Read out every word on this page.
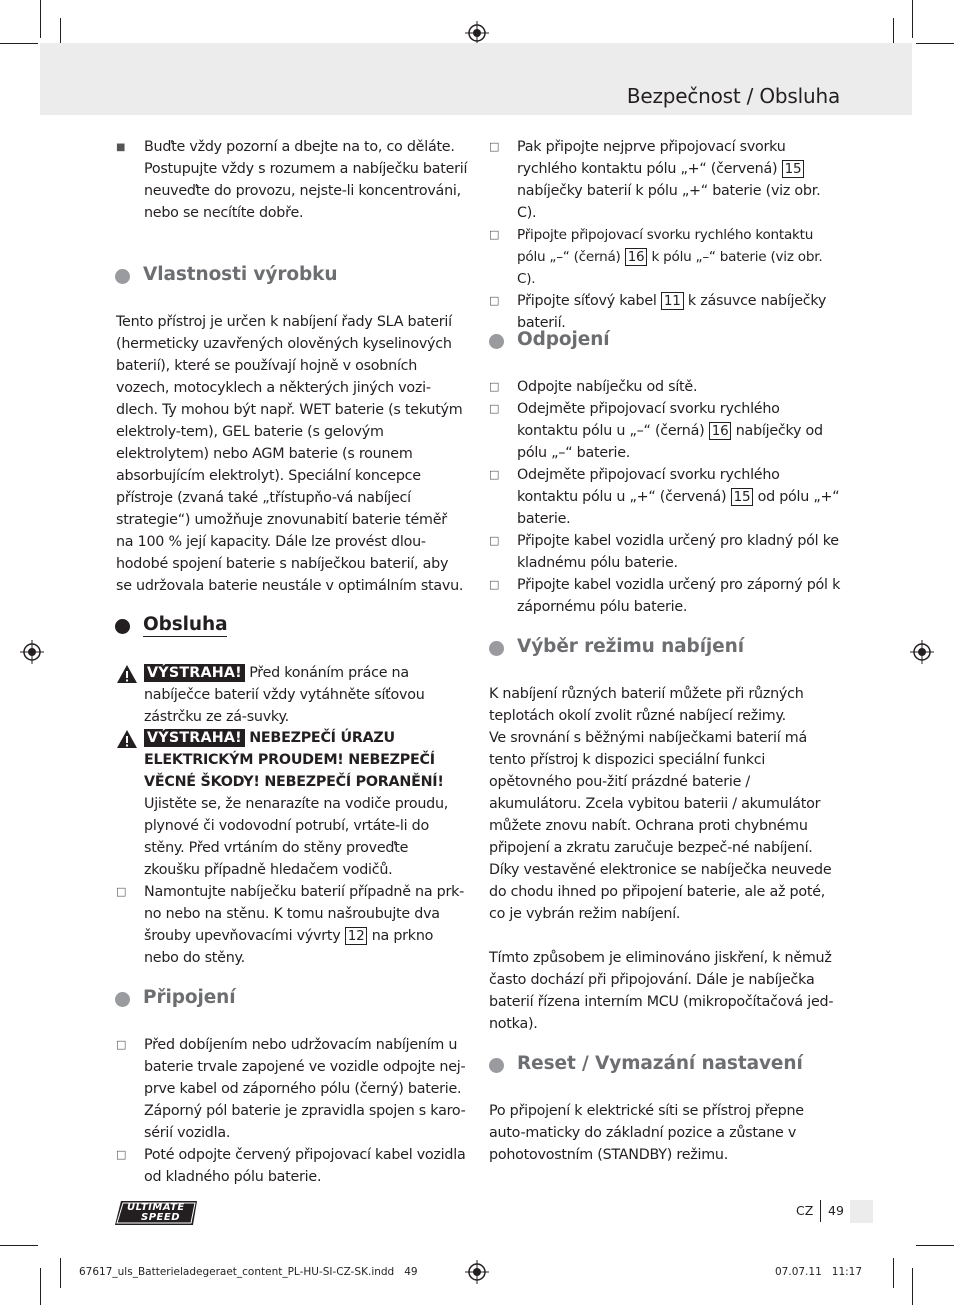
Bezpečnost / Obsluha
■	Buďte vždy pozorní a dbejte na to, co děláte. Postupujte vždy s rozumem a nabíječku baterií neuveďte do provozu, nejste-li koncentrováni, nebo se necítíte dobře.

Vlastnosti výrobku

Tento přístroj je určen k nabíjení řady SLA baterií (hermeticky uzavřených olověných kyselinových baterií), které se používají hojně v osobních vozech, motocyklech a některých jiných vozi-dlech. Ty mohou být např. WET baterie (s tekutým elektroly-tem), GEL baterie (s gelovým elektrolytem) nebo AGM baterie (s rounem absorbujícím elektrolyt). Speciální koncepce přístroje (zvaná také „třístupňo-vá nabíjecí strategie“) umožňuje znovunabití baterie téměř na 100 % její kapacity. Dále lze provést dlou-hodobé spojení baterie s nabíječkou baterií, aby se udržovala baterie neustále v optimálním stavu.

Obsluha

VÝSTRAHA! Před konáním práce na nabíječce baterií vždy vytáhněte síťovou zástrčku ze zá-suvky.

VÝSTRAHA! NEBEZPEČÍ ÚRAZU ELEKTRICKÝM PROUDEM! NEBEZPEČÍ VĚCNÉ ŠKODY! NEBEZPEČÍ PORANĚNÍ!

Ujistěte se, že nenarazíte na vodiče proudu, plynové či vodovodní potrubí, vrtáte-li do stěny. Před vrtáním do stěny proveďte zkoušku případně hledačem vodičů.

□ Namontujte nabíječku baterií případně na prk-no nebo na stěnu. K tomu našroubujte dva šrouby upevňovacími vývrty 12 na prkno nebo do stěny.

Připojení
□ Před dobíjením nebo udržovacím nabíjením u baterie trvale zapojené ve vozidle odpojte nej-prve kabel od záporného pólu (černý) baterie. Záporný pól baterie je zpravidla spojen s karo-sérií vozidla.

□ Poté odpojte červený připojovací kabel vozidla od kladného pólu baterie.

□ Pak připojte nejprve připojovací svorku rychlého kontaktu pólu „+“ (červená) 15 nabíječky baterií k pólu „+“ baterie (viz obr. C).

□ Připojte připojovací svorku rychlého kontaktu pólu „–“ (černá) 16 k pólu „–“ baterie (viz obr. C).

□ Připojte síťový kabel 11 k zásuvce nabíječky baterií.

Odpojení
□ Odpojte nabíječku od sítě.

□ Odejměte připojovací svorku rychlého kontaktu pólu u „–“ (černá) 16 nabíječky od pólu „–“ baterie.

□ Odejměte připojovací svorku rychlého kontaktu pólu u „+“ (červená) 15 od pólu „+“ baterie.

□ Připojte kabel vozidla určený pro kladný pól ke kladnému pólu baterie.

□ Připojte kabel vozidla určený pro záporný pól k zápornému pólu baterie.

Výběr režimu nabíjení

K nabíjení různých baterií můžete při různých teplotách okolí zvolit různé nabíjecí režimy.

Ve srovnání s běžnými nabíječkami baterií má tento přístroj k dispozici speciální funkci opětovného pou-žití prázdné baterie / akumulátoru. Zcela vybitou baterii / akumulátor můžete znovu nabít. Ochrana proti chybnému připojení a zkratu zaručuje bezpeč-né nabíjení. Díky vestavěné elektronice se nabíječka neuvede do chodu ihned po připojení baterie, ale až poté, co je vybrán režim nabíjení.

Tímto způsobem je eliminováno jiskření, k němuž často dochází při připojování. Dále je nabíječka baterií řízena interním MCU (mikropočítačová jed-notka).

Reset / Vymazání nastavení

Po připojení k elektrické síti se přístroj přepne auto-maticky do základní pozice a zůstane v pohotovostním (STANDBY) režimu.

ULTIMATE
SPEED	CZ 49
67617_uls_Batterieladegeraet_content_PL-HU-SI-CZ-SK.indd 49	07.07.11 11:17
